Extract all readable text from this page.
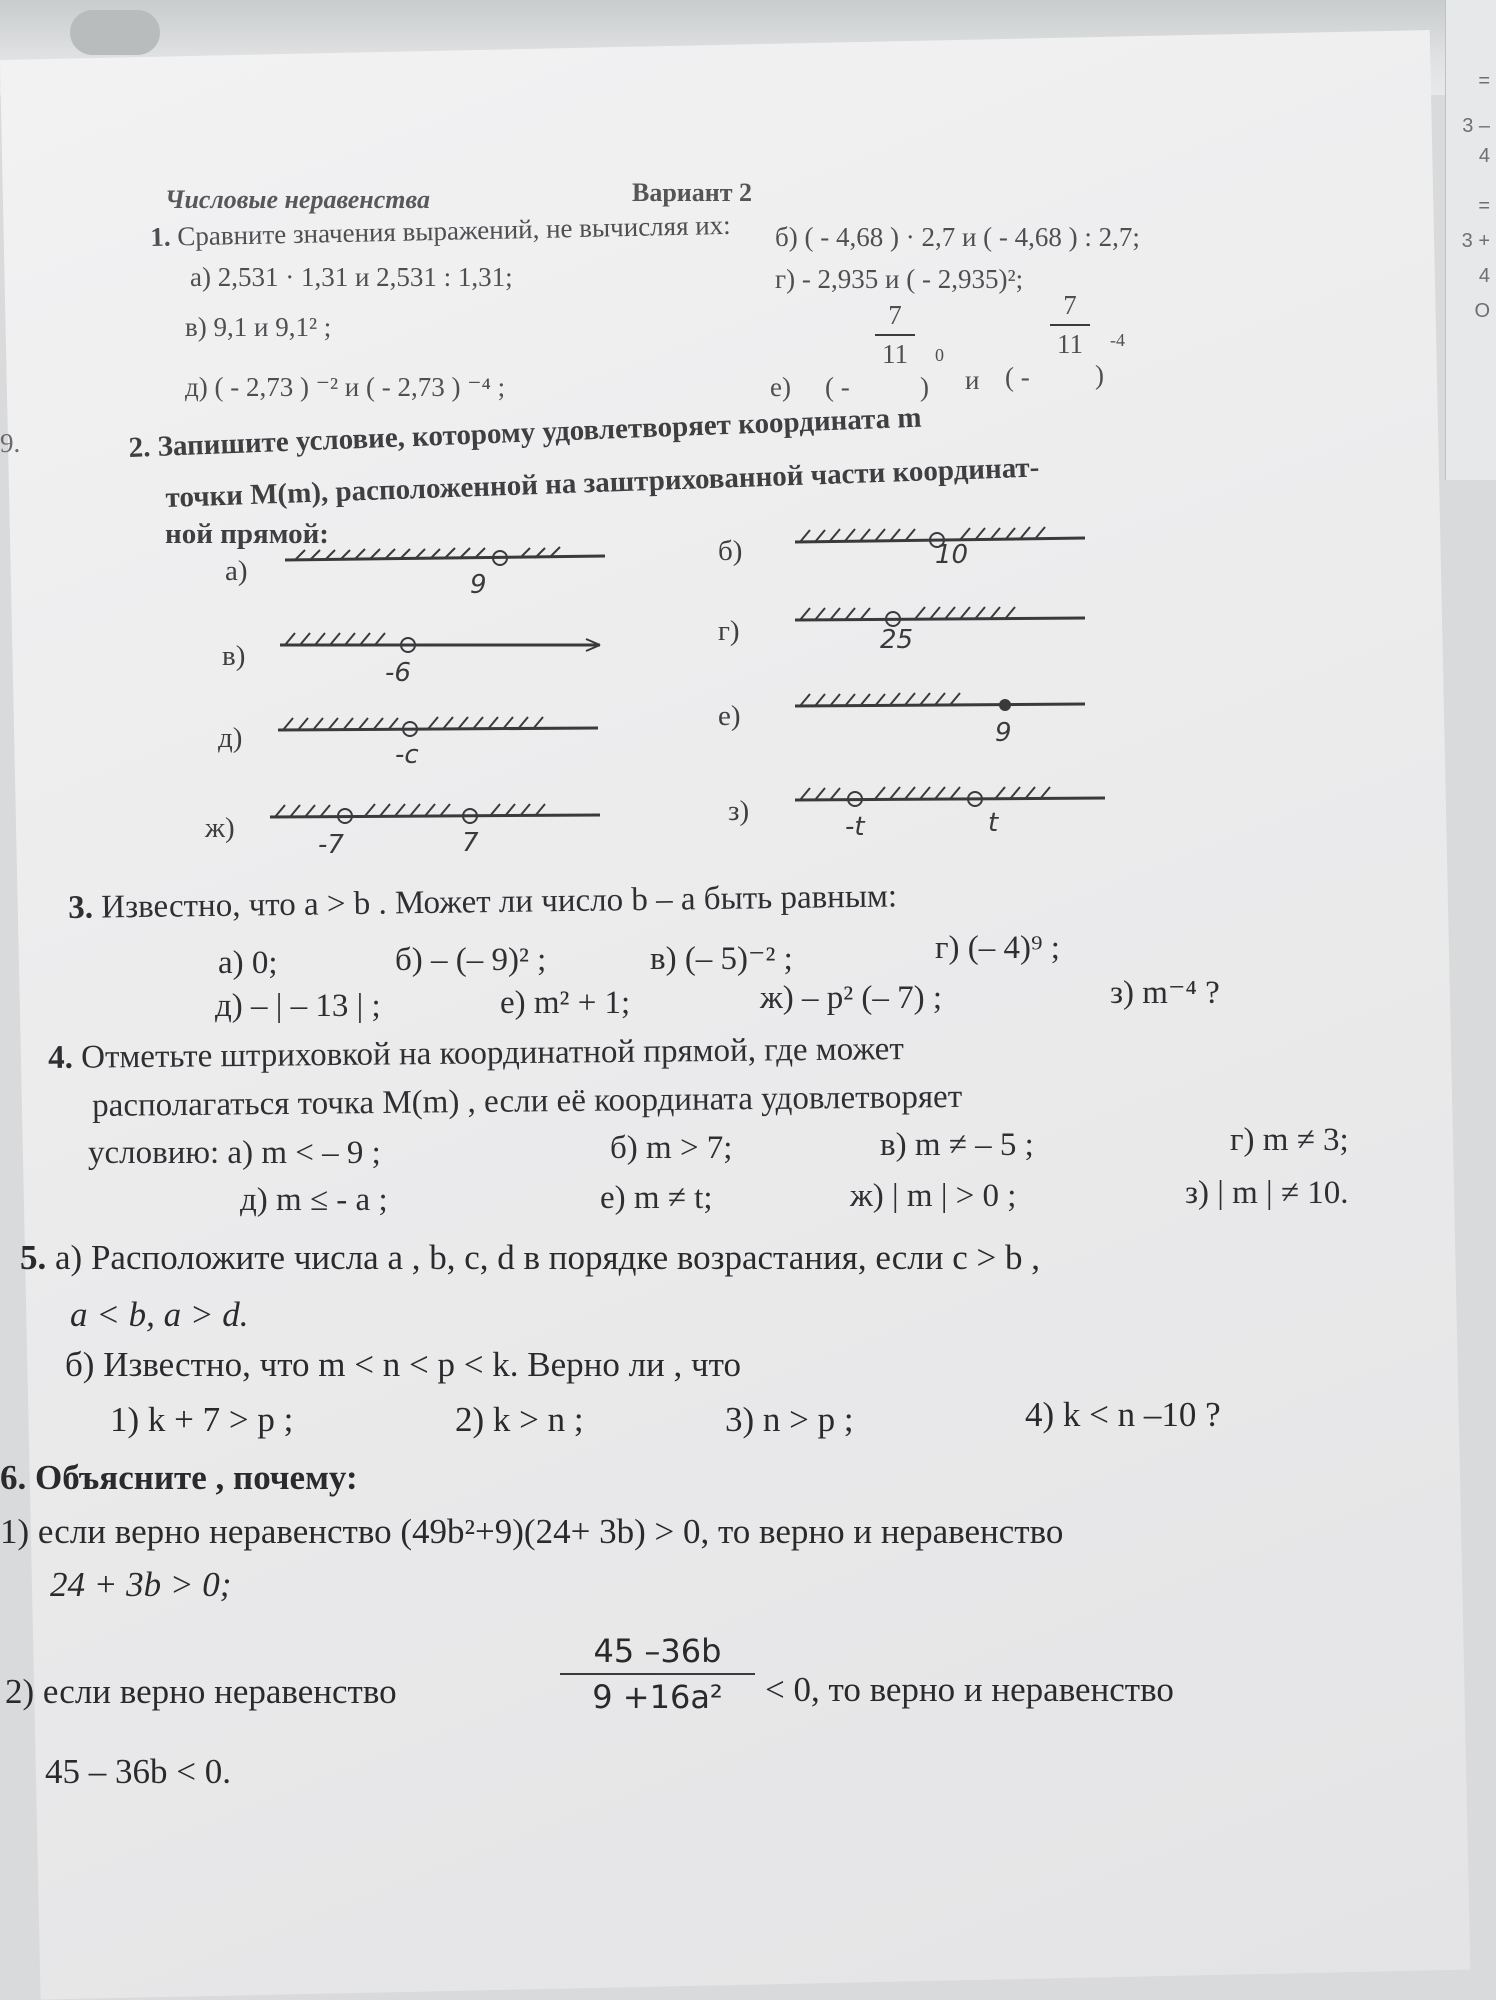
=
3 –
4
=
3 +
4
О
Числовые неравенства	Вариант 2
9.
1. Сравните значения выражений, не вычисляя их:
а) 2,531 · 1,31 и 2,531 : 1,31;
б) ( - 4,68 ) · 2,7 и ( - 4,68 ) : 2,7;
в) 9,1 и 9,1² ;
г) - 2,935 и ( - 2,935)²;
д) ( - 2,73 ) ⁻² и ( - 2,73 ) ⁻⁴ ;	е) ( -
7
11
)
0
и ( -
7
11
)
-4
2. Запишите условие, которому удовлетворяет координата m
точки M(m), расположенной на заштрихованной части координат-
ной прямой:
а)	9
б)	10
в)
-6
г)	25
д)
-c
е)
9
ж)
-7	7
з)	-t	t
3. Известно, что a > b . Может ли число b – a быть равным:
а) 0;	б) – (– 9)² ;	в) (– 5)⁻² ;	г) (– 4)⁹ ;
д) – | – 13 | ;	е) m² + 1;	ж) – p² (– 7) ;	з) m⁻⁴ ?
4. Отметьте штриховкой на координатной прямой, где может
располагаться точка M(m) , если её координата удовлетворяет
условию: а) m < – 9 ;	б) m > 7;	в) m ≠ – 5 ;	г) m ≠ 3;
д) m ≤ - a ;	е) m ≠ t;	ж) | m | > 0 ;	з) | m | ≠ 10.
5. а) Расположите числа a , b, c, d в порядке возрастания, если c > b ,
a < b, a > d.
б) Известно, что m < n < p < k. Верно ли , что
1) k + 7 > p ;	2) k > n ;	3) n > p ;	4) k < n –10 ?
6. Объясните , почему:
1) если верно неравенство (49b²+9)(24+ 3b) > 0, то верно и неравенство
24 + 3b > 0;
2) если верно неравенство
45 –36b
9 +16a²	< 0, то верно и неравенство
45 – 36b < 0.
